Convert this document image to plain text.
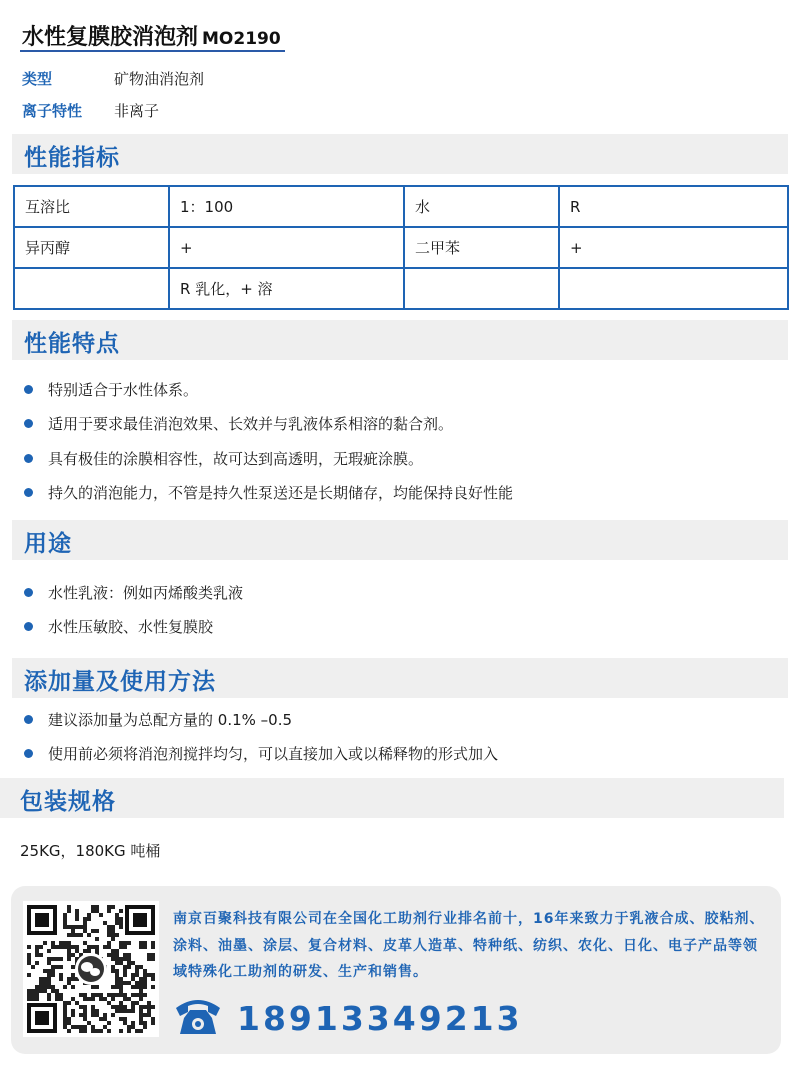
水性复膜胶消泡剂 MO2190
类型	矿物油消泡剂
离子特性	非离子
性能指标
互溶比	1：100	水	R
异丙醇	+	二甲苯	+
	R 乳化，+ 溶		
性能特点
特别适合于水性体系。
适用于要求最佳消泡效果、长效并与乳液体系相溶的黏合剂。
具有极佳的涂膜相容性，故可达到高透明，无瑕疵涂膜。
持久的消泡能力，不管是持久性泵送还是长期储存，均能保持良好性能
用途
水性乳液：例如丙烯酸类乳液
水性压敏胶、水性复膜胶
添加量及使用方法
建议添加量为总配方量的 0.1% –0.5
使用前必须将消泡剂搅拌均匀，可以直接加入或以稀释物的形式加入
包装规格
25KG，180KG 吨桶
南京百聚科技有限公司在全国化工助剂行业排名前十，16年来致力于乳液合成、胶粘剂、涂料、油墨、涂层、复合材料、皮革人造革、特种纸、纺织、农化、日化、电子产品等领域特殊化工助剂的研发、生产和销售。
18913349213
